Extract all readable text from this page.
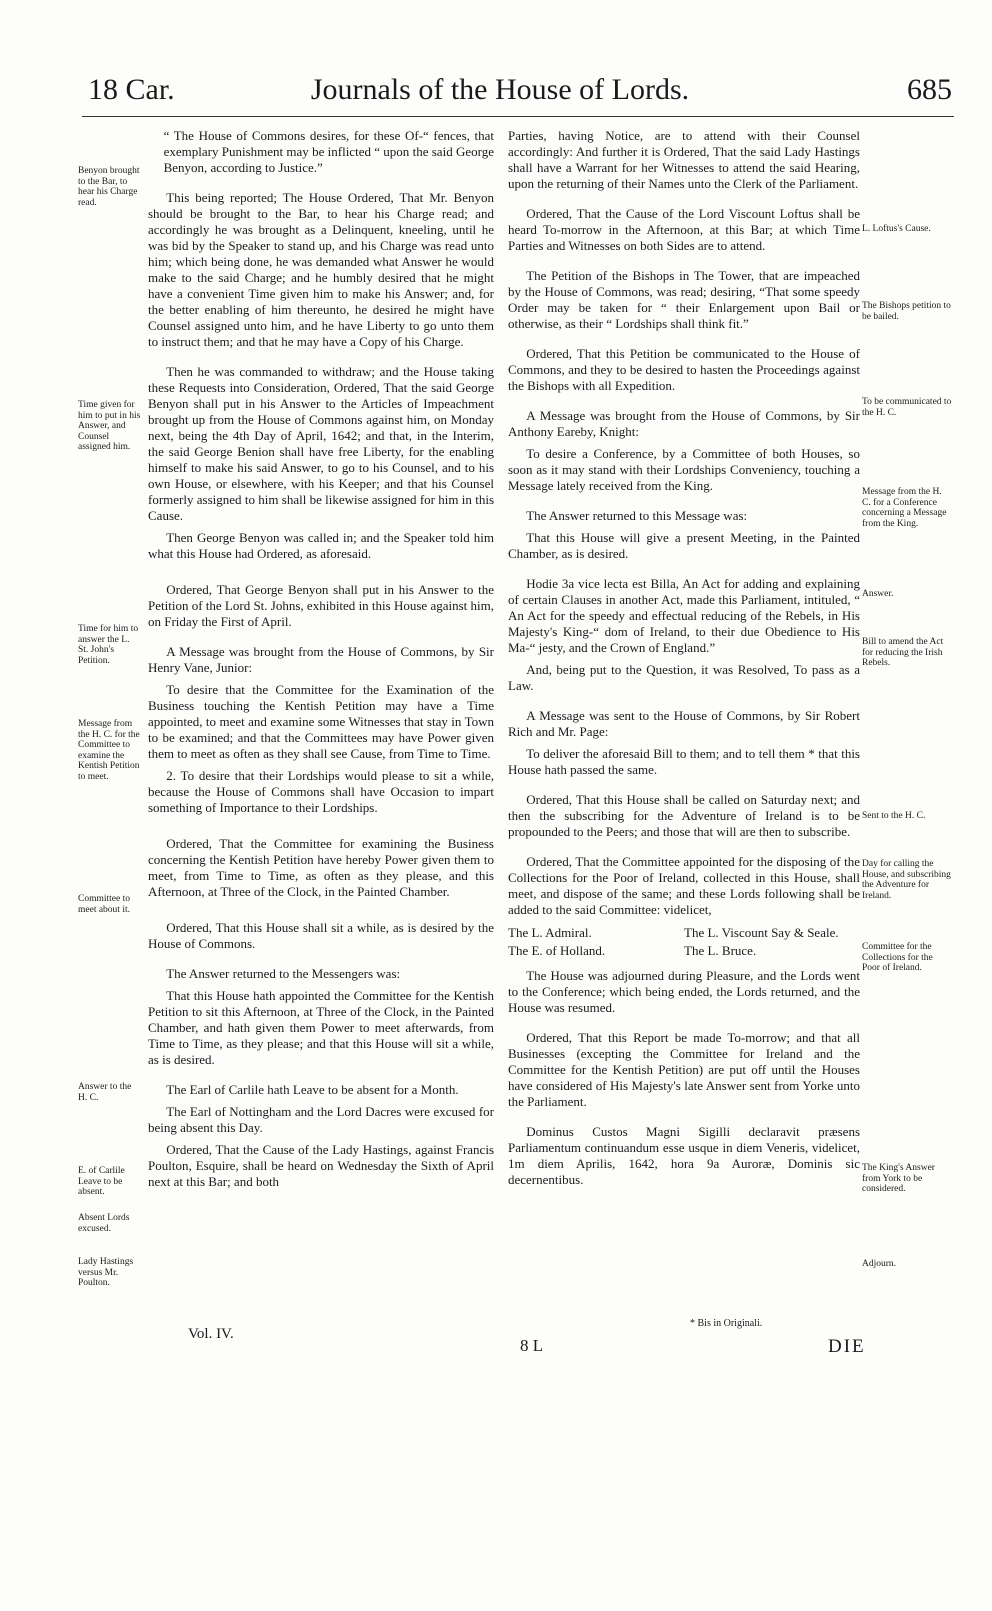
18 Car.	Journals of the House of Lords.	685

“ The House of Commons desires, for these Of-“ fences, that exemplary Punishment may be inflicted “ upon the said George Benyon, according to Justice.”

This being reported; The House Ordered, That Mr. Benyon should be brought to the Bar, to hear his Charge read; and accordingly he was brought as a Delinquent, kneeling, until he was bid by the Speaker to stand up, and his Charge was read unto him; which being done, he was demanded what Answer he would make to the said Charge; and he humbly desired that he might have a convenient Time given him to make his Answer; and, for the better enabling of him thereunto, he desired he might have Counsel assigned unto him, and he have Liberty to go unto them to instruct them; and that he may have a Copy of his Charge.

Then he was commanded to withdraw; and the House taking these Requests into Consideration, Ordered, That the said George Benyon shall put in his Answer to the Articles of Impeachment brought up from the House of Commons against him, on Monday next, being the 4th Day of April, 1642; and that, in the Interim, the said George Benion shall have free Liberty, for the enabling himself to make his said Answer, to go to his Counsel, and to his own House, or elsewhere, with his Keeper; and that his Counsel formerly assigned to him shall be likewise assigned for him in this Cause.

Then George Benyon was called in; and the Speaker told him what this House had Ordered, as aforesaid.

Ordered, That George Benyon shall put in his Answer to the Petition of the Lord St. Johns, exhibited in this House against him, on Friday the First of April.

A Message was brought from the House of Commons, by Sir Henry Vane, Junior:

To desire that the Committee for the Examination of the Business touching the Kentish Petition may have a Time appointed, to meet and examine some Witnesses that stay in Town to be examined; and that the Committees may have Power given them to meet as often as they shall see Cause, from Time to Time.

2. To desire that their Lordships would please to sit a while, because the House of Commons shall have Occasion to impart something of Importance to their Lordships.

Ordered, That the Committee for examining the Business concerning the Kentish Petition have hereby Power given them to meet, from Time to Time, as often as they please, and this Afternoon, at Three of the Clock, in the Painted Chamber.

Ordered, That this House shall sit a while, as is desired by the House of Commons.

The Answer returned to the Messengers was:

That this House hath appointed the Committee for the Kentish Petition to sit this Afternoon, at Three of the Clock, in the Painted Chamber, and hath given them Power to meet afterwards, from Time to Time, as they please; and that this House will sit a while, as is desired.

The Earl of Carlile hath Leave to be absent for a Month.

The Earl of Nottingham and the Lord Dacres were excused for being absent this Day.

Ordered, That the Cause of the Lady Hastings, against Francis Poulton, Esquire, shall be heard on Wednesday the Sixth of April next at this Bar; and both

Parties, having Notice, are to attend with their Counsel accordingly: And further it is Ordered, That the said Lady Hastings shall have a Warrant for her Witnesses to attend the said Hearing, upon the returning of their Names unto the Clerk of the Parliament.

Ordered, That the Cause of the Lord Viscount Loftus shall be heard To-morrow in the Afternoon, at this Bar; at which Time Parties and Witnesses on both Sides are to attend.

The Petition of the Bishops in The Tower, that are impeached by the House of Commons, was read; desiring, “That some speedy Order may be taken for “ their Enlargement upon Bail or otherwise, as their “ Lordships shall think fit.”

Ordered, That this Petition be communicated to the House of Commons, and they to be desired to hasten the Proceedings against the Bishops with all Expedition.

A Message was brought from the House of Commons, by Sir Anthony Eareby, Knight:

To desire a Conference, by a Committee of both Houses, so soon as it may stand with their Lordships Conveniency, touching a Message lately received from the King.

The Answer returned to this Message was:

That this House will give a present Meeting, in the Painted Chamber, as is desired.

Hodie 3a vice lecta est Billa, An Act for adding and explaining of certain Clauses in another Act, made this Parliament, intituled, “ An Act for the speedy and effectual reducing of the Rebels, in His Majesty's King-“ dom of Ireland, to their due Obedience to His Ma-“ jesty, and the Crown of England.”

And, being put to the Question, it was Resolved, To pass as a Law.

A Message was sent to the House of Commons, by Sir Robert Rich and Mr. Page:

To deliver the aforesaid Bill to them; and to tell them * that this House hath passed the same.

Ordered, That this House shall be called on Saturday next; and then the subscribing for the Adventure of Ireland is to be propounded to the Peers; and those that will are then to subscribe.

Ordered, That the Committee appointed for the disposing of the Collections for the Poor of Ireland, collected in this House, shall meet, and dispose of the same; and these Lords following shall be added to the said Committee: videlicet,

The L. Admiral.	The L. Viscount Say & Seale.
The E. of Holland.	The L. Bruce.

The House was adjourned during Pleasure, and the Lords went to the Conference; which being ended, the Lords returned, and the House was resumed.

Ordered, That this Report be made To-morrow; and that all Businesses (excepting the Committee for Ireland and the Committee for the Kentish Petition) are put off until the Houses have considered of His Majesty's late Answer sent from Yorke unto the Parliament.

Dominus Custos Magni Sigilli declaravit præsens Parliamentum continuandum esse usque in diem Veneris, videlicet, 1m diem Aprilis, 1642, hora 9a Auroræ, Dominis sic decernentibus.

Benyon brought to the Bar, to hear his Charge read.
Time given for him to put in his Answer, and Counsel assigned him.
Time for him to answer the L. St. John's Petition.
Message from the H. C. for the Committee to examine the Kentish Petition to meet.
Committee to meet about it.
Answer to the H. C.
E. of Carlile Leave to be absent.
Absent Lords excused.
Lady Hastings versus Mr. Poulton.
L. Loftus's Cause.
The Bishops petition to be bailed.
To be communicated to the H. C.
Message from the H. C. for a Conference concerning a Message from the King.
Answer.
Bill to amend the Act for reducing the Irish Rebels.
Sent to the H. C.
Day for calling the House, and subscribing the Adventure for Ireland.
Committee for the Collections for the Poor of Ireland.
The King's Answer from York to be considered.
Adjourn.
Vol. IV.
8 L
* Bis in Originali.
DIE
